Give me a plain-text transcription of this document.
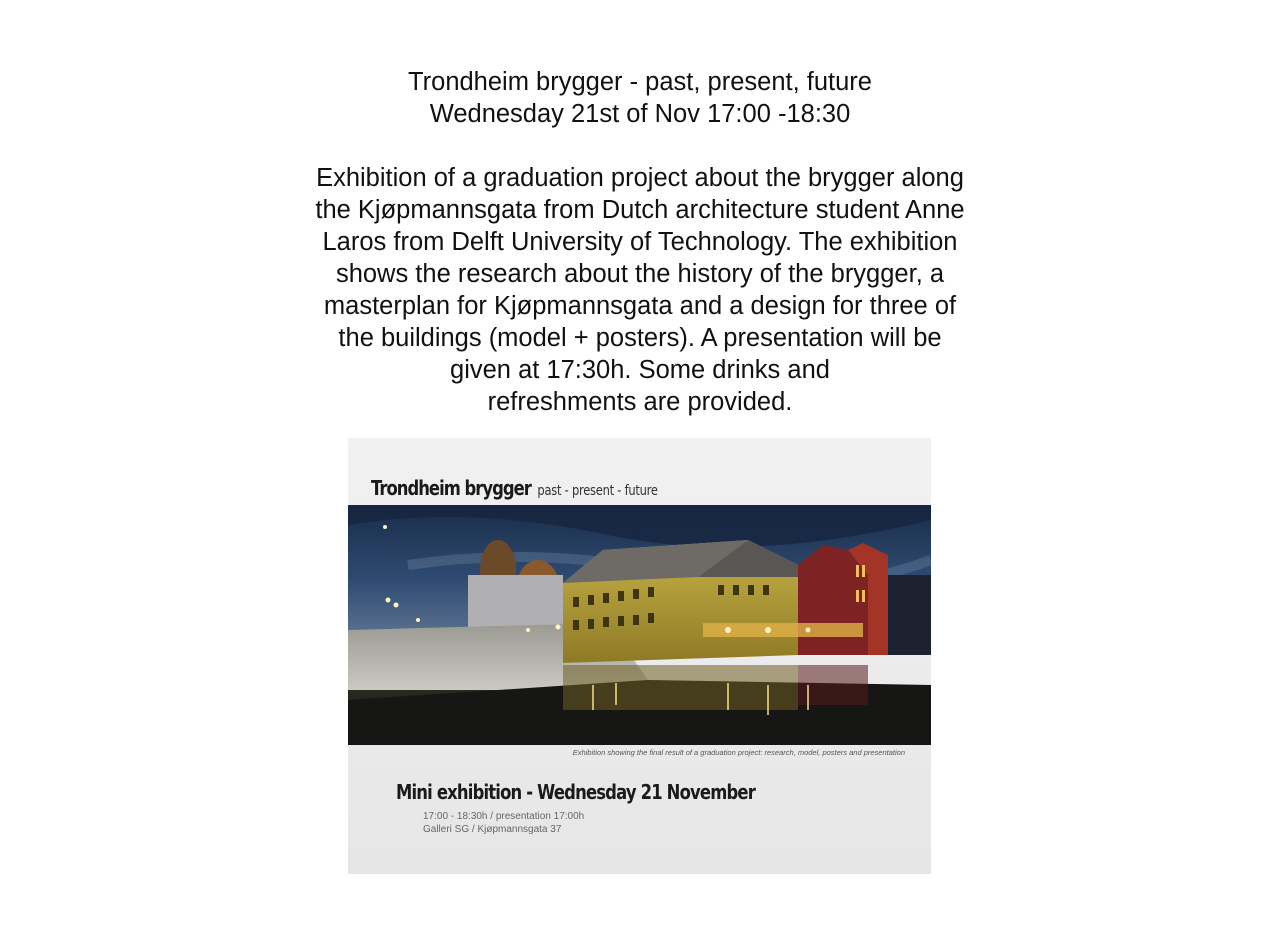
Trondheim brygger - past, present, future
Wednesday 21st of Nov 17:00 -18:30
Exhibition of a graduation project about the brygger along
the Kjøpmannsgata from Dutch architecture student Anne
Laros from Delft University of Technology. The exhibition
shows the research about the history of the brygger, a
masterplan for Kjøpmannsgata and a design for three of
the buildings (model + posters). A presentation will be
given at 17:30h. Some drinks and
refreshments are provided.
Trondheim brygger past - present - future
Exhibition showing the final result of a graduation project: research, model, posters and presentation
Mini exhibition - Wednesday 21 November
17:00 - 18:30h / presentation 17:00h
Galleri SG / Kjøpmannsgata 37
